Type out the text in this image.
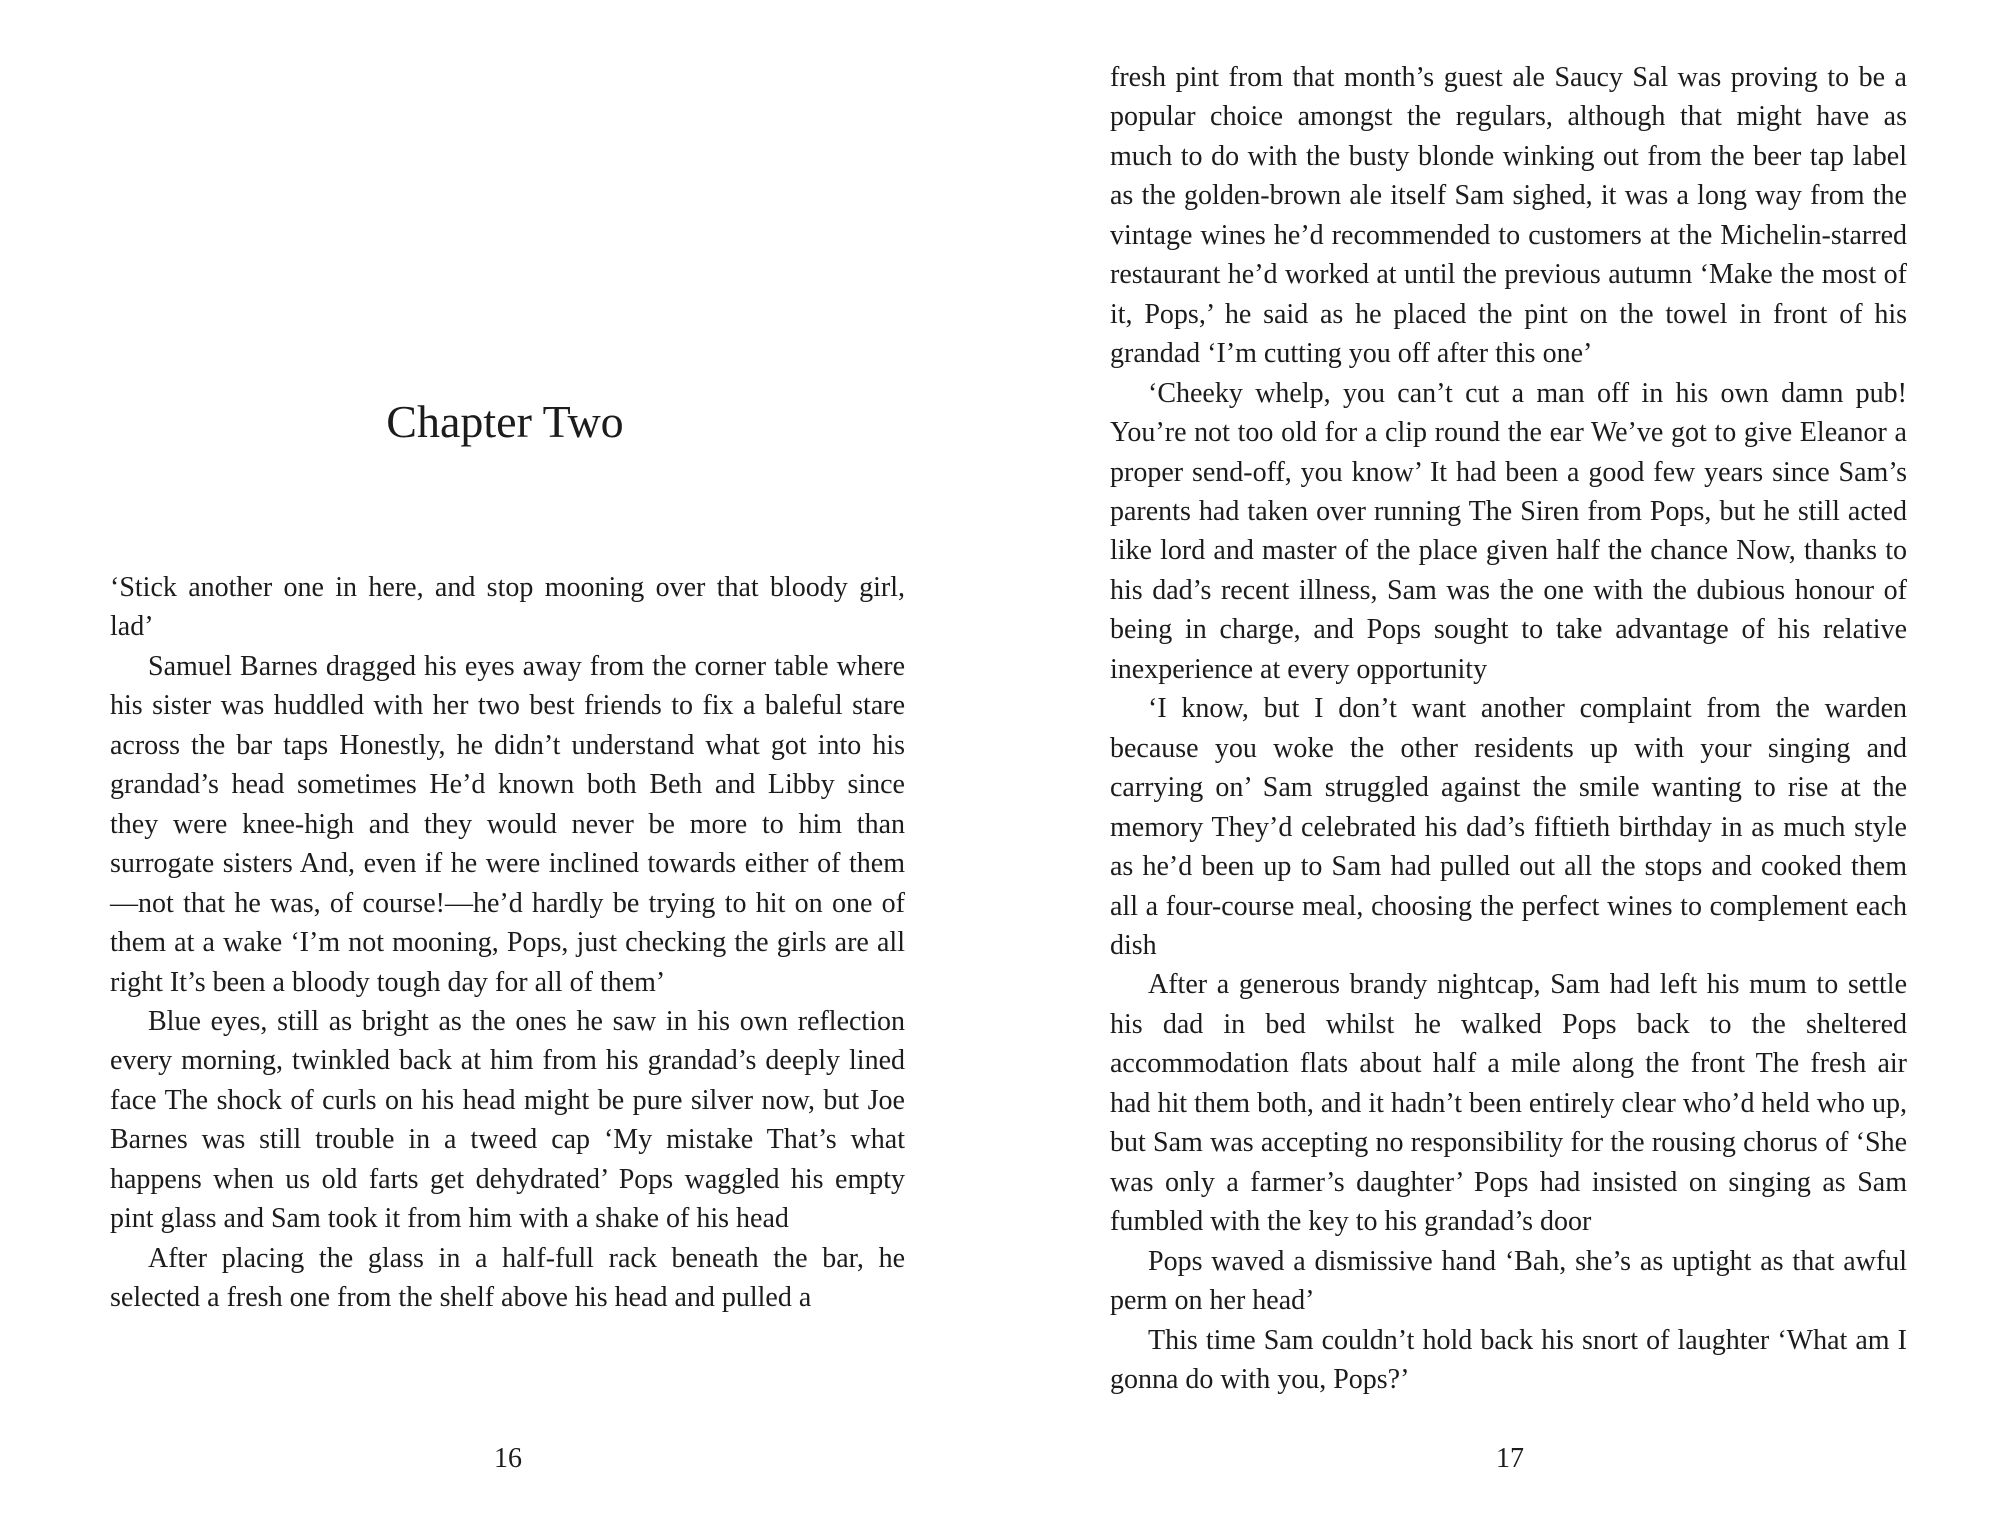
Chapter Two

‘Stick another one in here, and stop mooning over that bloody girl, lad’

Samuel Barnes dragged his eyes away from the corner table where his sister was huddled with her two best friends to fix a baleful stare across the bar taps Honestly, he didn’t understand what got into his grandad’s head sometimes He’d known both Beth and Libby since they were knee-high and they would never be more to him than surrogate sisters And, even if he were inclined towards either of them—not that he was, of course!—he’d hardly be trying to hit on one of them at a wake ‘I’m not mooning, Pops, just checking the girls are all right It’s been a bloody tough day for all of them’

Blue eyes, still as bright as the ones he saw in his own reflection every morning, twinkled back at him from his grandad’s deeply lined face The shock of curls on his head might be pure silver now, but Joe Barnes was still trouble in a tweed cap ‘My mistake That’s what happens when us old farts get dehydrated’ Pops waggled his empty pint glass and Sam took it from him with a shake of his head

After placing the glass in a half-full rack beneath the bar, he selected a fresh one from the shelf above his head and pulled a

16

fresh pint from that month’s guest ale Saucy Sal was proving to be a popular choice amongst the regulars, although that might have as much to do with the busty blonde winking out from the beer tap label as the golden-brown ale itself Sam sighed, it was a long way from the vintage wines he’d recommended to customers at the Michelin-starred restaurant he’d worked at until the previous autumn ‘Make the most of it, Pops,’ he said as he placed the pint on the towel in front of his grandad ‘I’m cutting you off after this one’

‘Cheeky whelp, you can’t cut a man off in his own damn pub! You’re not too old for a clip round the ear We’ve got to give Eleanor a proper send-off, you know’ It had been a good few years since Sam’s parents had taken over running The Siren from Pops, but he still acted like lord and master of the place given half the chance Now, thanks to his dad’s recent illness, Sam was the one with the dubious honour of being in charge, and Pops sought to take advantage of his relative inexperience at every opportunity

‘I know, but I don’t want another complaint from the warden because you woke the other residents up with your singing and carrying on’ Sam struggled against the smile wanting to rise at the memory They’d celebrated his dad’s fiftieth birthday in as much style as he’d been up to Sam had pulled out all the stops and cooked them all a four-course meal, choosing the perfect wines to complement each dish

After a generous brandy nightcap, Sam had left his mum to settle his dad in bed whilst he walked Pops back to the sheltered accommodation flats about half a mile along the front The fresh air had hit them both, and it hadn’t been entirely clear who’d held who up, but Sam was accepting no responsibility for the rousing chorus of ‘She was only a farmer’s daughter’ Pops had insisted on singing as Sam fumbled with the key to his grandad’s door

Pops waved a dismissive hand ‘Bah, she’s as uptight as that awful perm on her head’

This time Sam couldn’t hold back his snort of laughter ‘What am I gonna do with you, Pops?’

17
